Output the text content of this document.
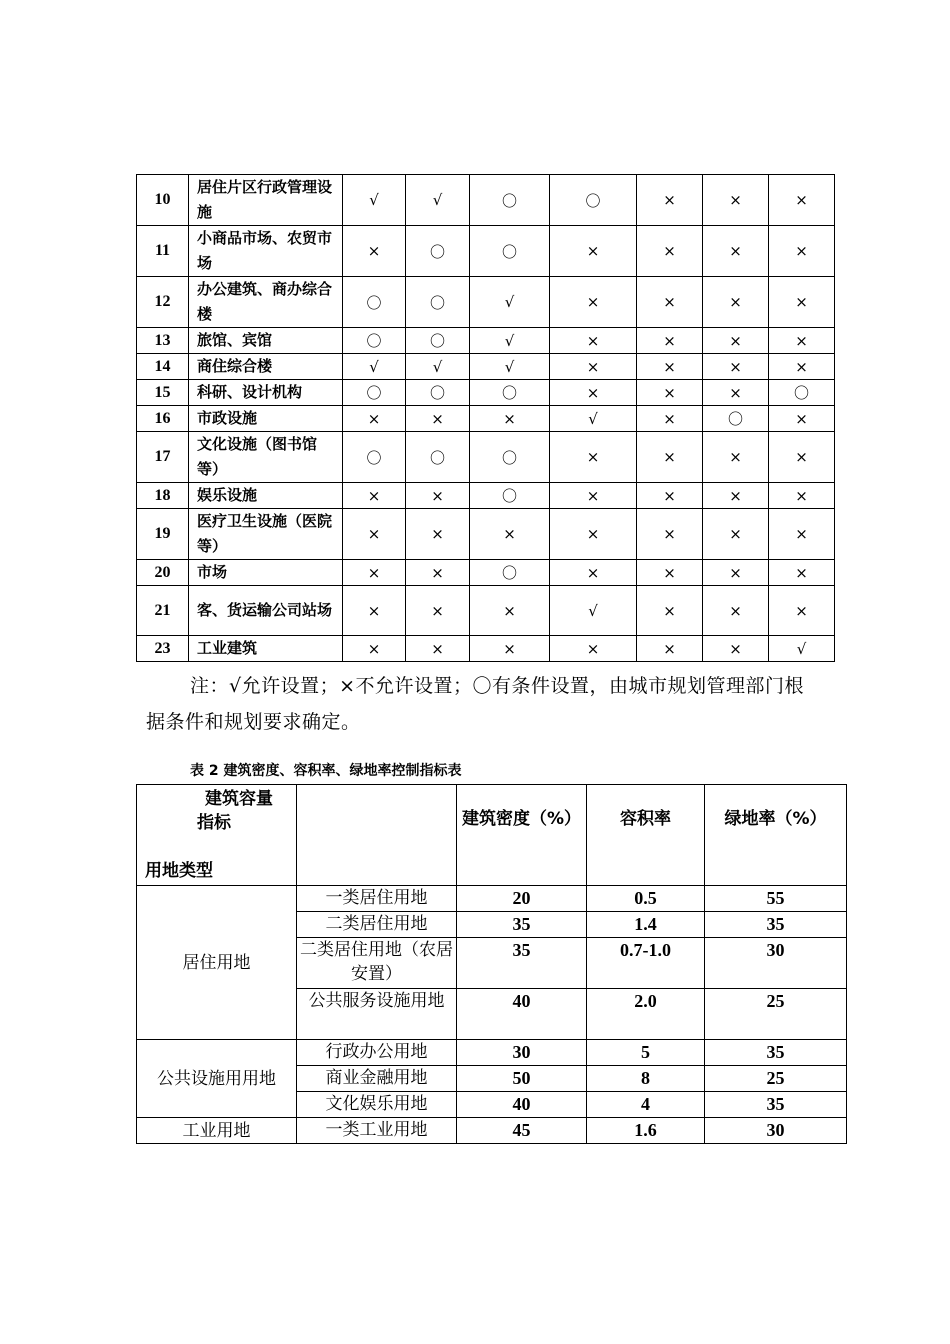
10	居住片区行政管理设施	√	√	〇	〇	×	×	×
11	小商品市场、农贸市场	×	〇	〇	×	×	×	×
12	办公建筑、商办综合楼	〇	〇	√	×	×	×	×
13	旅馆、宾馆	〇	〇	√	×	×	×	×
14	商住综合楼	√	√	√	×	×	×	×
15	科研、设计机构	〇	〇	〇	×	×	×	〇
16	市政设施	×	×	×	√	×	〇	×
17	文化设施（图书馆等）	〇	〇	〇	×	×	×	×
18	娱乐设施	×	×	〇	×	×	×	×
19	医疗卫生设施（医院等）	×	×	×	×	×	×	×
20	市场	×	×	〇	×	×	×	×
21	客、货运输公司站场	×	×	×	√	×	×	×
23	工业建筑	×	×	×	×	×	×	√
注：√允许设置；×不允许设置；〇有条件设置，由城市规划管理部门根据条件和规划要求确定。
表 2 建筑密度、容积率、绿地率控制指标表
建筑容量
指标
用地类型		建筑密度（%）	容积率	绿地率（%）
居住用地	一类居住用地	20	0.5	55
	二类居住用地	35	1.4	35
	二类居住用地（农居安置）	35	0.7-1.0	30
	公共服务设施用地	40	2.0	25
公共设施用用地	行政办公用地	30	5	35
	商业金融用地	50	8	25
	文化娱乐用地	40	4	35
工业用地	一类工业用地	45	1.6	30
